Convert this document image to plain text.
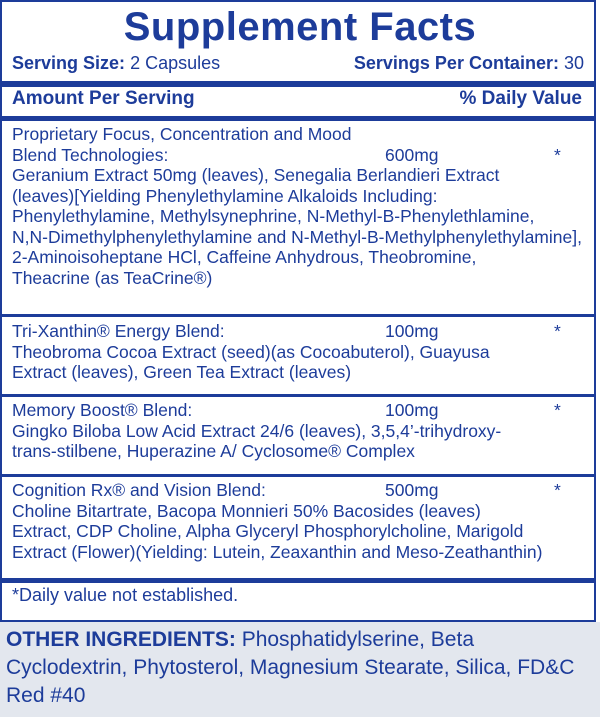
Supplement Facts
Serving Size: 2 Capsules	Servings Per Container: 30
Amount Per Serving	% Daily Value
Proprietary Focus, Concentration and Mood
Blend Technologies:	600mg	*
Geranium Extract 50mg (leaves), Senegalia Berlandieri Extract
(leaves)[Yielding Phenylethylamine Alkaloids Including:
Phenylethylamine, Methylsynephrine, N-Methyl-B-Phenylethlamine,
N,N-Dimethylphenylethylamine and N-Methyl-B-Methylphenylethylamine],
2-Aminoisoheptane HCl, Caffeine Anhydrous, Theobromine,
Theacrine (as TeaCrine®)
Tri-Xanthin® Energy Blend:	100mg	*
Theobroma Cocoa Extract (seed)(as Cocoabuterol), Guayusa
Extract (leaves), Green Tea Extract (leaves)
Memory Boost® Blend:	100mg	*
Gingko Biloba Low Acid Extract 24/6 (leaves), 3,5,4’-trihydroxy-
trans-stilbene, Huperazine A/ Cyclosome® Complex
Cognition Rx® and Vision Blend:	500mg	*
Choline Bitartrate, Bacopa Monnieri 50% Bacosides (leaves)
Extract, CDP Choline, Alpha Glyceryl Phosphorylcholine, Marigold
Extract (Flower)(Yielding: Lutein, Zeaxanthin and Meso-Zeathanthin)
*Daily value not established.
OTHER INGREDIENTS: Phosphatidylserine, Beta Cyclodextrin, Phytosterol, Magnesium Stearate, Silica, FD&C Red #40
